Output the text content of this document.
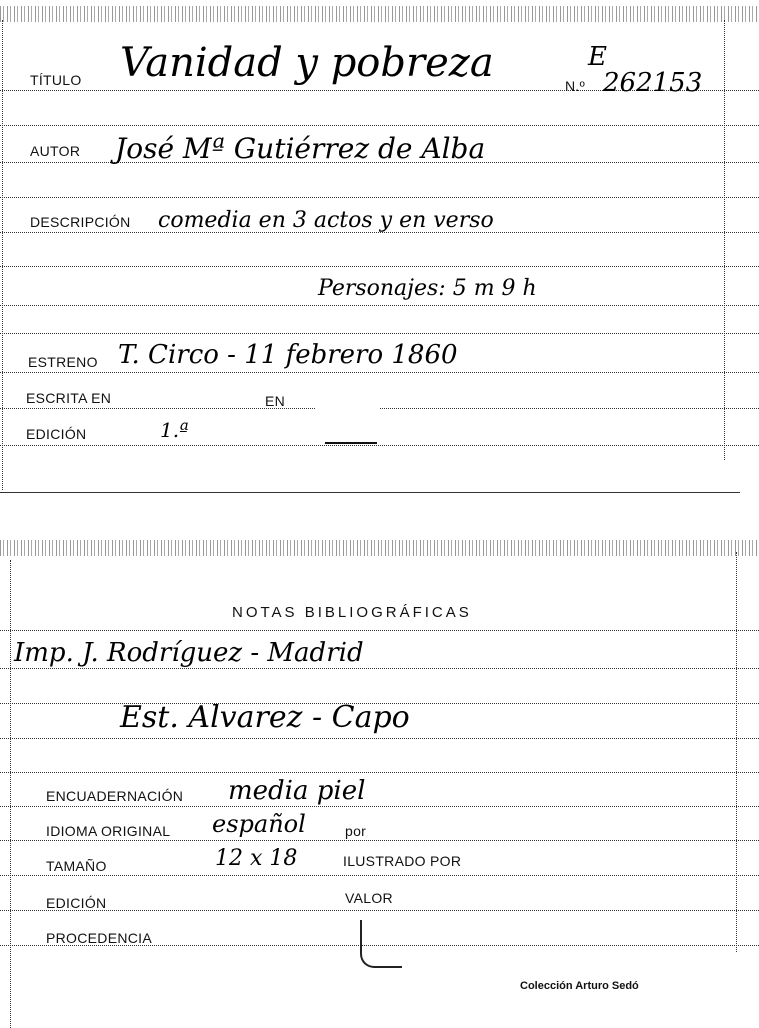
TÍTULO Vanidad y pobreza	N.º
E
262153
AUTOR José Mª Gutiérrez de Alba
DESCRIPCIÓN comedia en 3 actos y en verso
Personajes: 5 m 9 h
ESTRENO T. Circo - 11 febrero 1860
ESCRITA EN	EN
EDICIÓN	1.ª
NOTAS BIBLIOGRÁFICAS
Imp. J. Rodríguez - Madrid
Est. Alvarez - Capo
ENCUADERNACIÓN media piel
IDIOMA ORIGINAL español	por
TAMAÑO	12 x 18	ILUSTRADO POR
EDICIÓN	VALOR
PROCEDENCIA
Colección Arturo Sedó
